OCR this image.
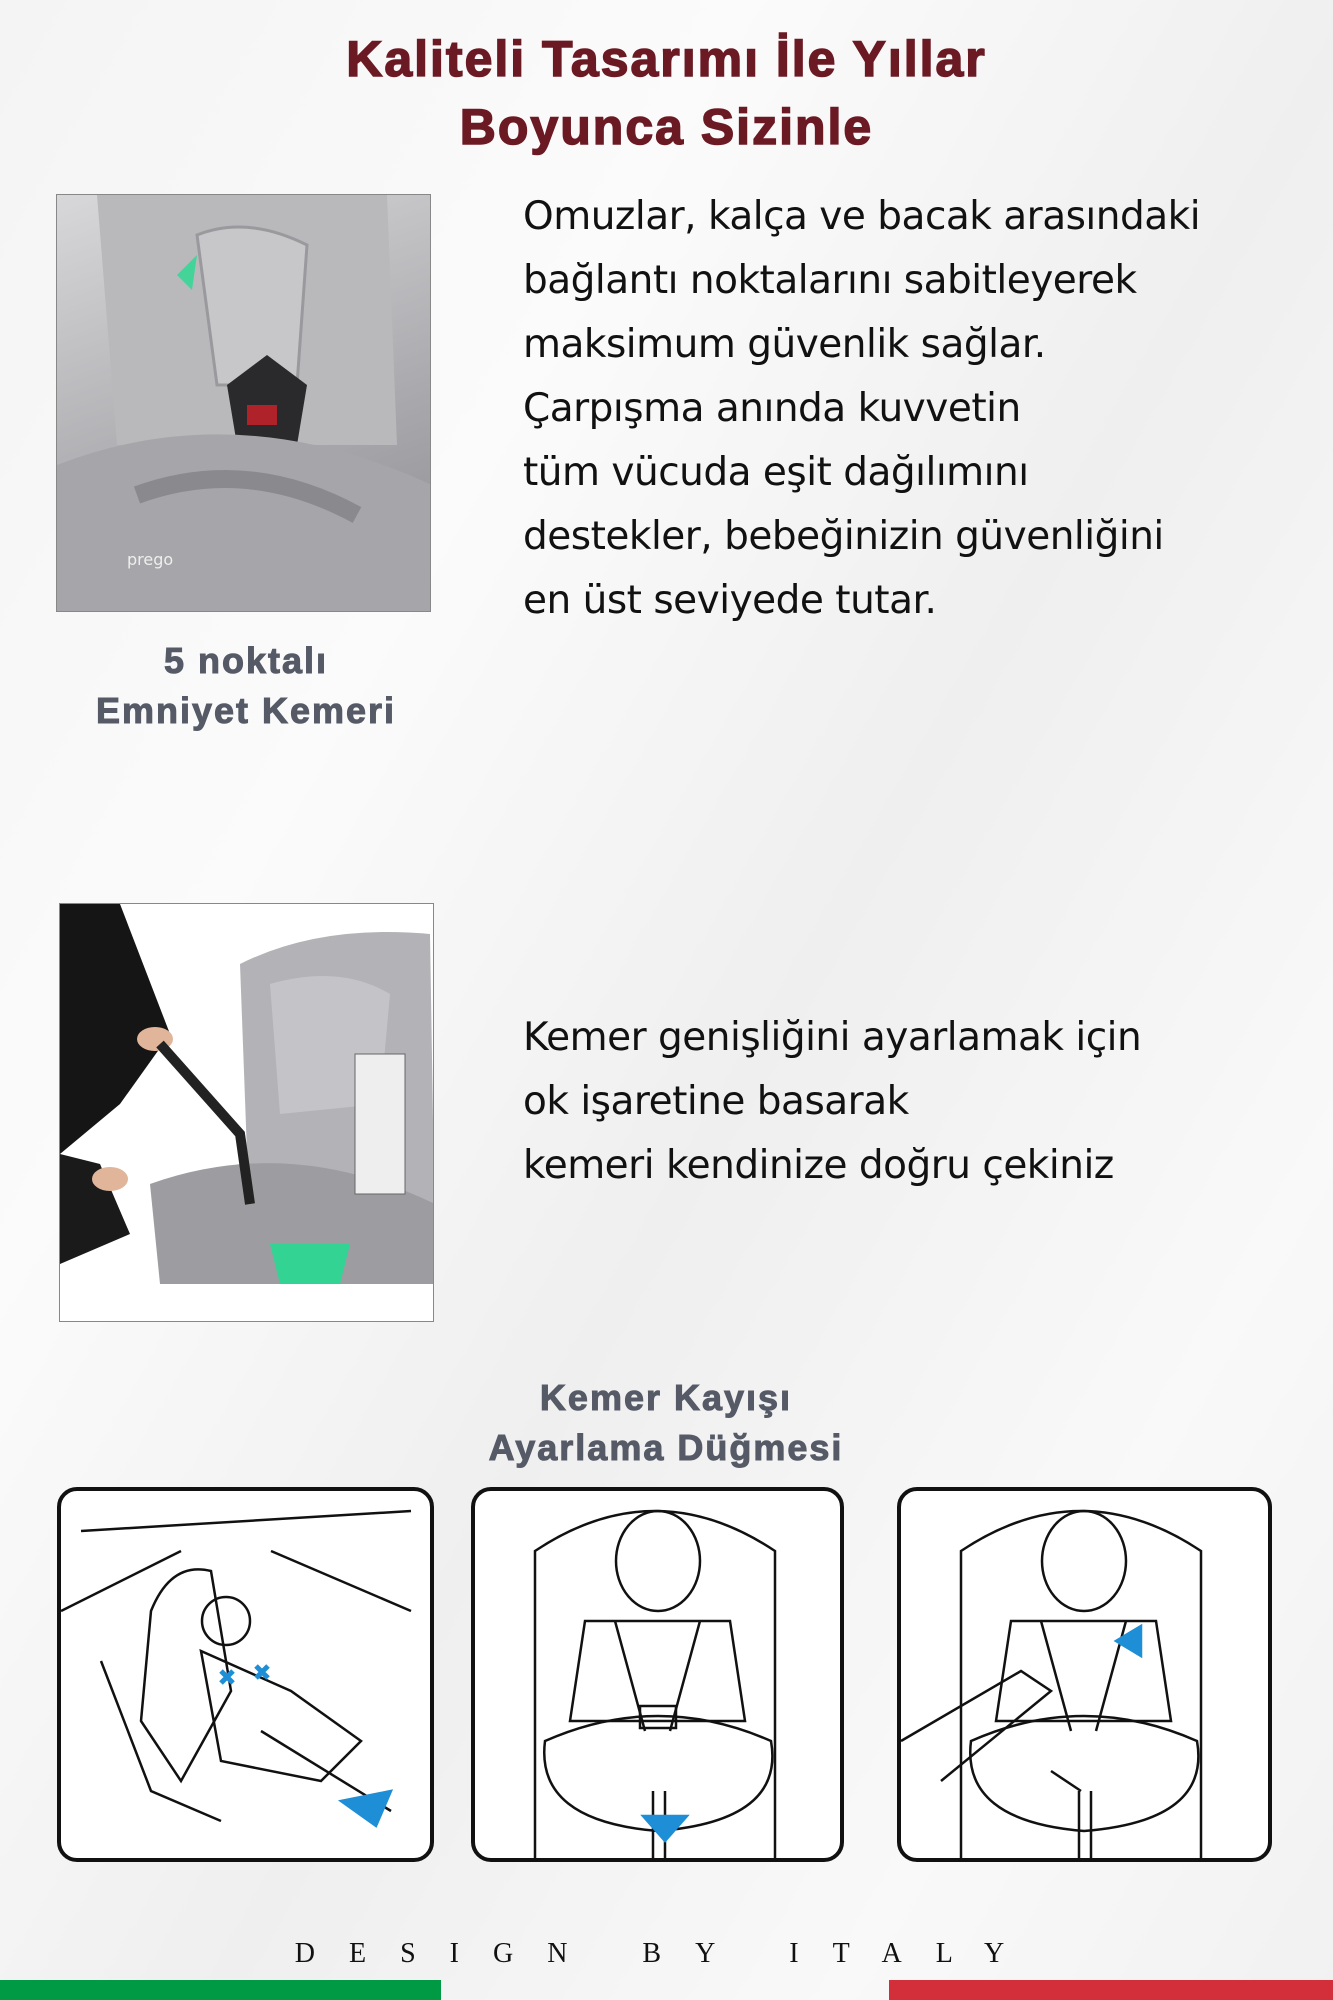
Kaliteli Tasarımı İle Yıllar
Boyunca Sizinle
prego
Omuzlar, kalça ve bacak arasındaki
bağlantı noktalarını sabitleyerek
maksimum güvenlik sağlar.
Çarpışma anında kuvvetin
tüm vücuda eşit dağılımını
destekler, bebeğinizin güvenliğini
en üst seviyede tutar.
5 noktalı
Emniyet Kemeri
Kemer genişliğini ayarlamak için
ok işaretine basarak
kemeri kendinize doğru çekiniz
Kemer Kayışı
Ayarlama Düğmesi
DESIGN BY ITALY
